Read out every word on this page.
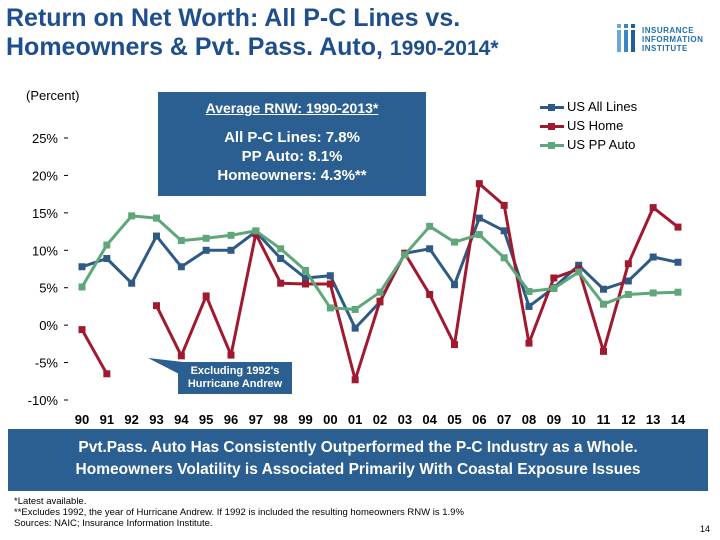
25%
20%
15%
10%
5%
0%
-5%
-10%
90 91 92 93 94 95 96 97 98 99 00 01 02 03 04 05 06 07 08 09 10 11 12 13 14
Return on Net Worth: All P-C Lines vs.
Homeowners & Pvt. Pass. Auto, 1990-2014*
INSURANCE
INFORMATION
INSTITUTE
(Percent)
Average RNW: 1990-2013*
All P-C Lines: 7.8%
PP Auto: 8.1%
Homeowners: 4.3%**
US All Lines
US Home
US PP Auto
Excluding 1992's
Hurricane Andrew
Pvt.Pass. Auto Has Consistently Outperformed the P-C Industry as a Whole.
Homeowners Volatility is Associated Primarily With Coastal Exposure Issues
*Latest available.
**Excludes 1992, the year of Hurricane Andrew. If 1992 is included the resulting homeowners RNW is 1.9%
Sources: NAIC; Insurance Information Institute.	14
